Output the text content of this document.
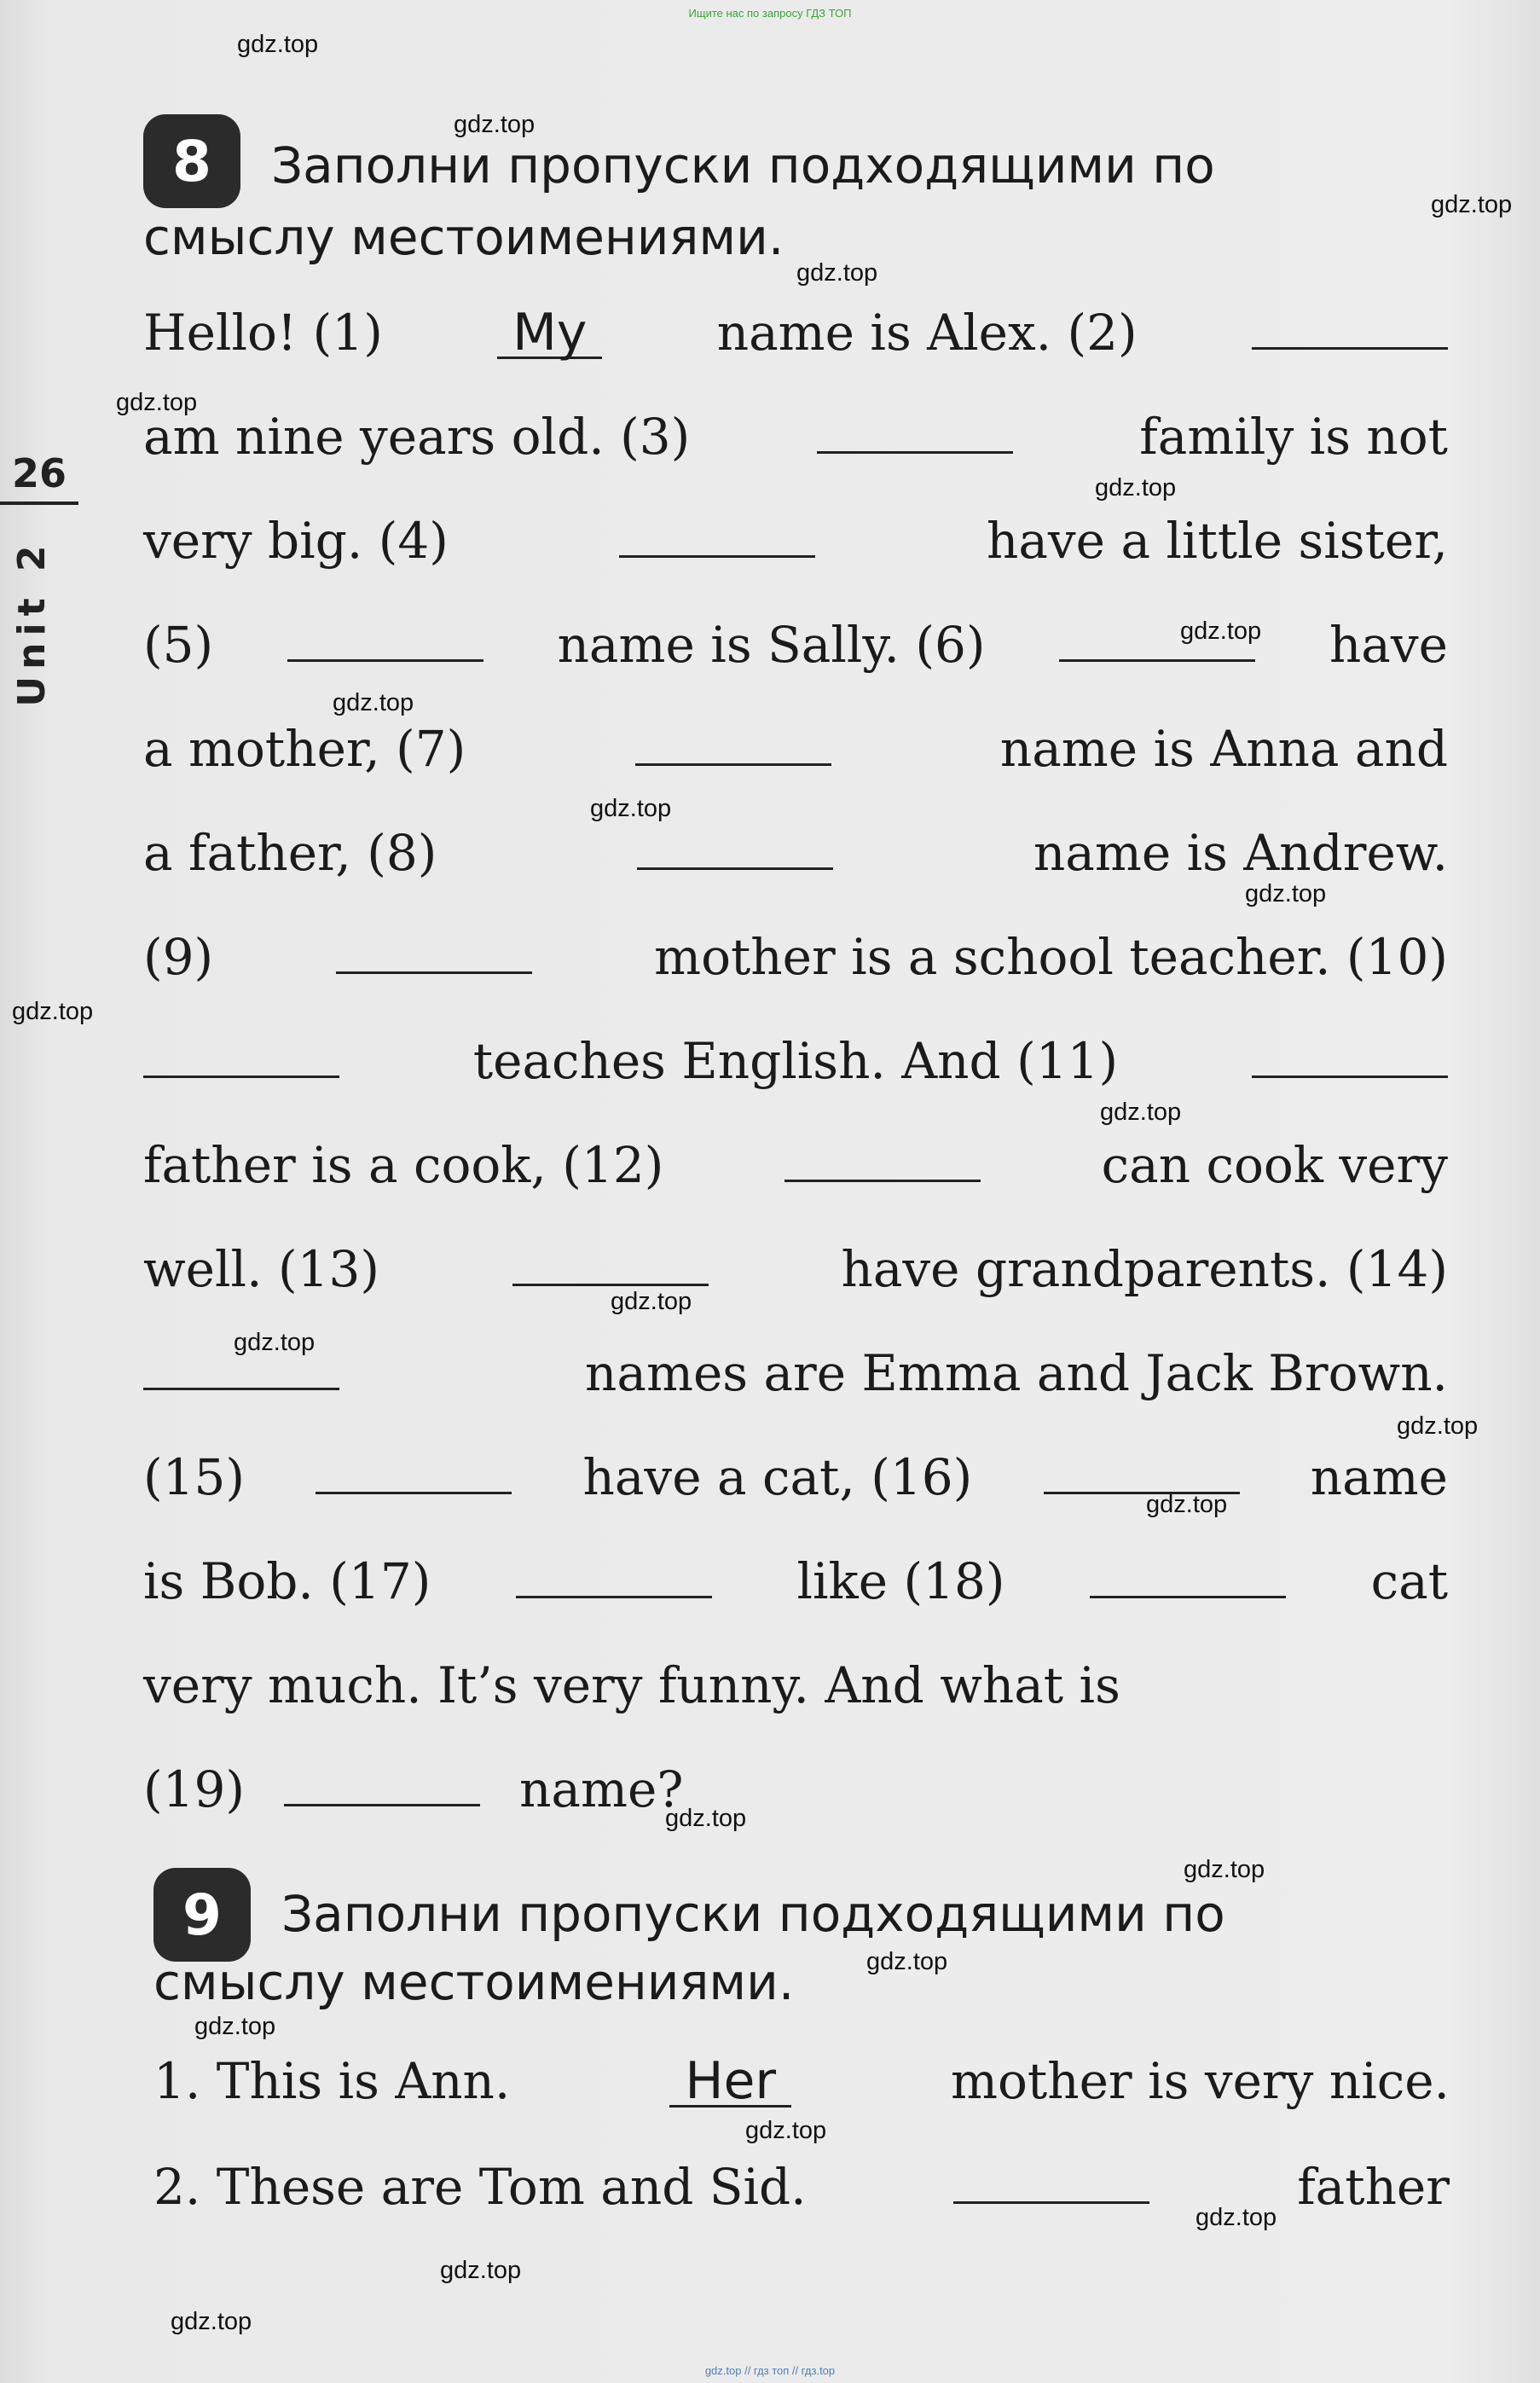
Ищите нас по запросу ГДЗ ТОП
26
Unit 2
8	Заполни пропуски подходящими по
смыслу местоимениями.
Hello! (1)	My	name is Alex. (2)
am nine years old. (3)	family is not
very big. (4)	have a little sister,
(5)	name is Sally. (6)	have
a mother, (7)	name is Anna and
a father, (8)	name is Andrew.
(9)	mother is a school teacher. (10)
teaches English. And (11)
father is a cook, (12)	can cook very
well. (13)	have grandparents. (14)
names are Emma and Jack Brown.
(15)	have a cat, (16)	name
is Bob. (17)	like (18)	cat
very much. It’s very funny. And what is
(19)	name?
9	Заполни пропуски подходящими по
смыслу местоимениями.
1. This is Ann.	Her	mother is very nice.
2. These are Tom and Sid.	father
gdz.top
gdz.top
gdz.top
gdz.top
gdz.top
gdz.top
gdz.top
gdz.top
gdz.top
gdz.top
gdz.top
gdz.top
gdz.top
gdz.top
gdz.top
gdz.top
gdz.top
gdz.top
gdz.top
gdz.top
gdz.top
gdz.top
gdz.top
gdz.top
gdz.top // гдз топ // гдз.top
